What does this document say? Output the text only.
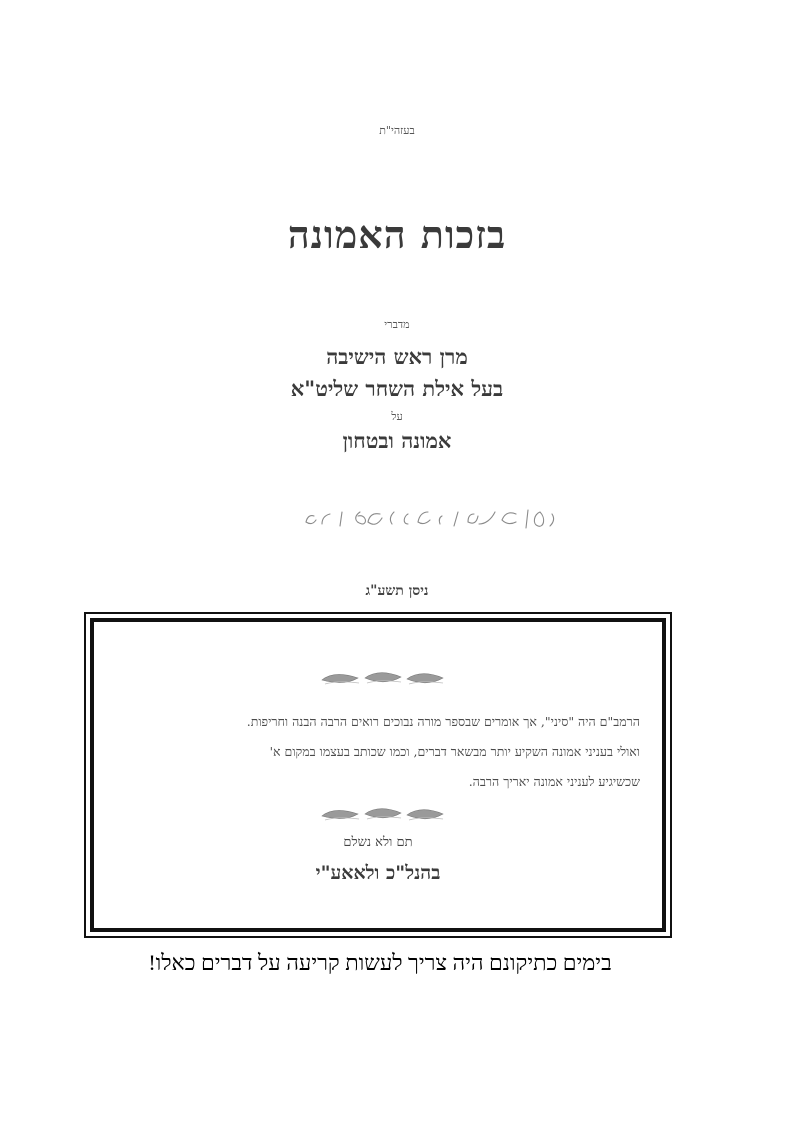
בעזהי"ת
בזכות האמונה
מדברי
מרן ראש הישיבה
בעל אילת השחר שליט"א
על
אמונה ובטחון
ניסן תשע"ג
הרמב"ם היה "סיני", אך אומרים שבספר מורה נבוכים רואים הרבה הבנה וחריפות.
ואולי בעניני אמונה השקיע יותר מבשאר דברים, וכמו שכותב בעצמו במקום א'
שכשיגיע לעניני אמונה יאריך הרבה.
תם ולא נשלם
בהנל"כ ולאאע"י
בימים כתיקונם היה צריך לעשות קריעה על דברים כאלו!
